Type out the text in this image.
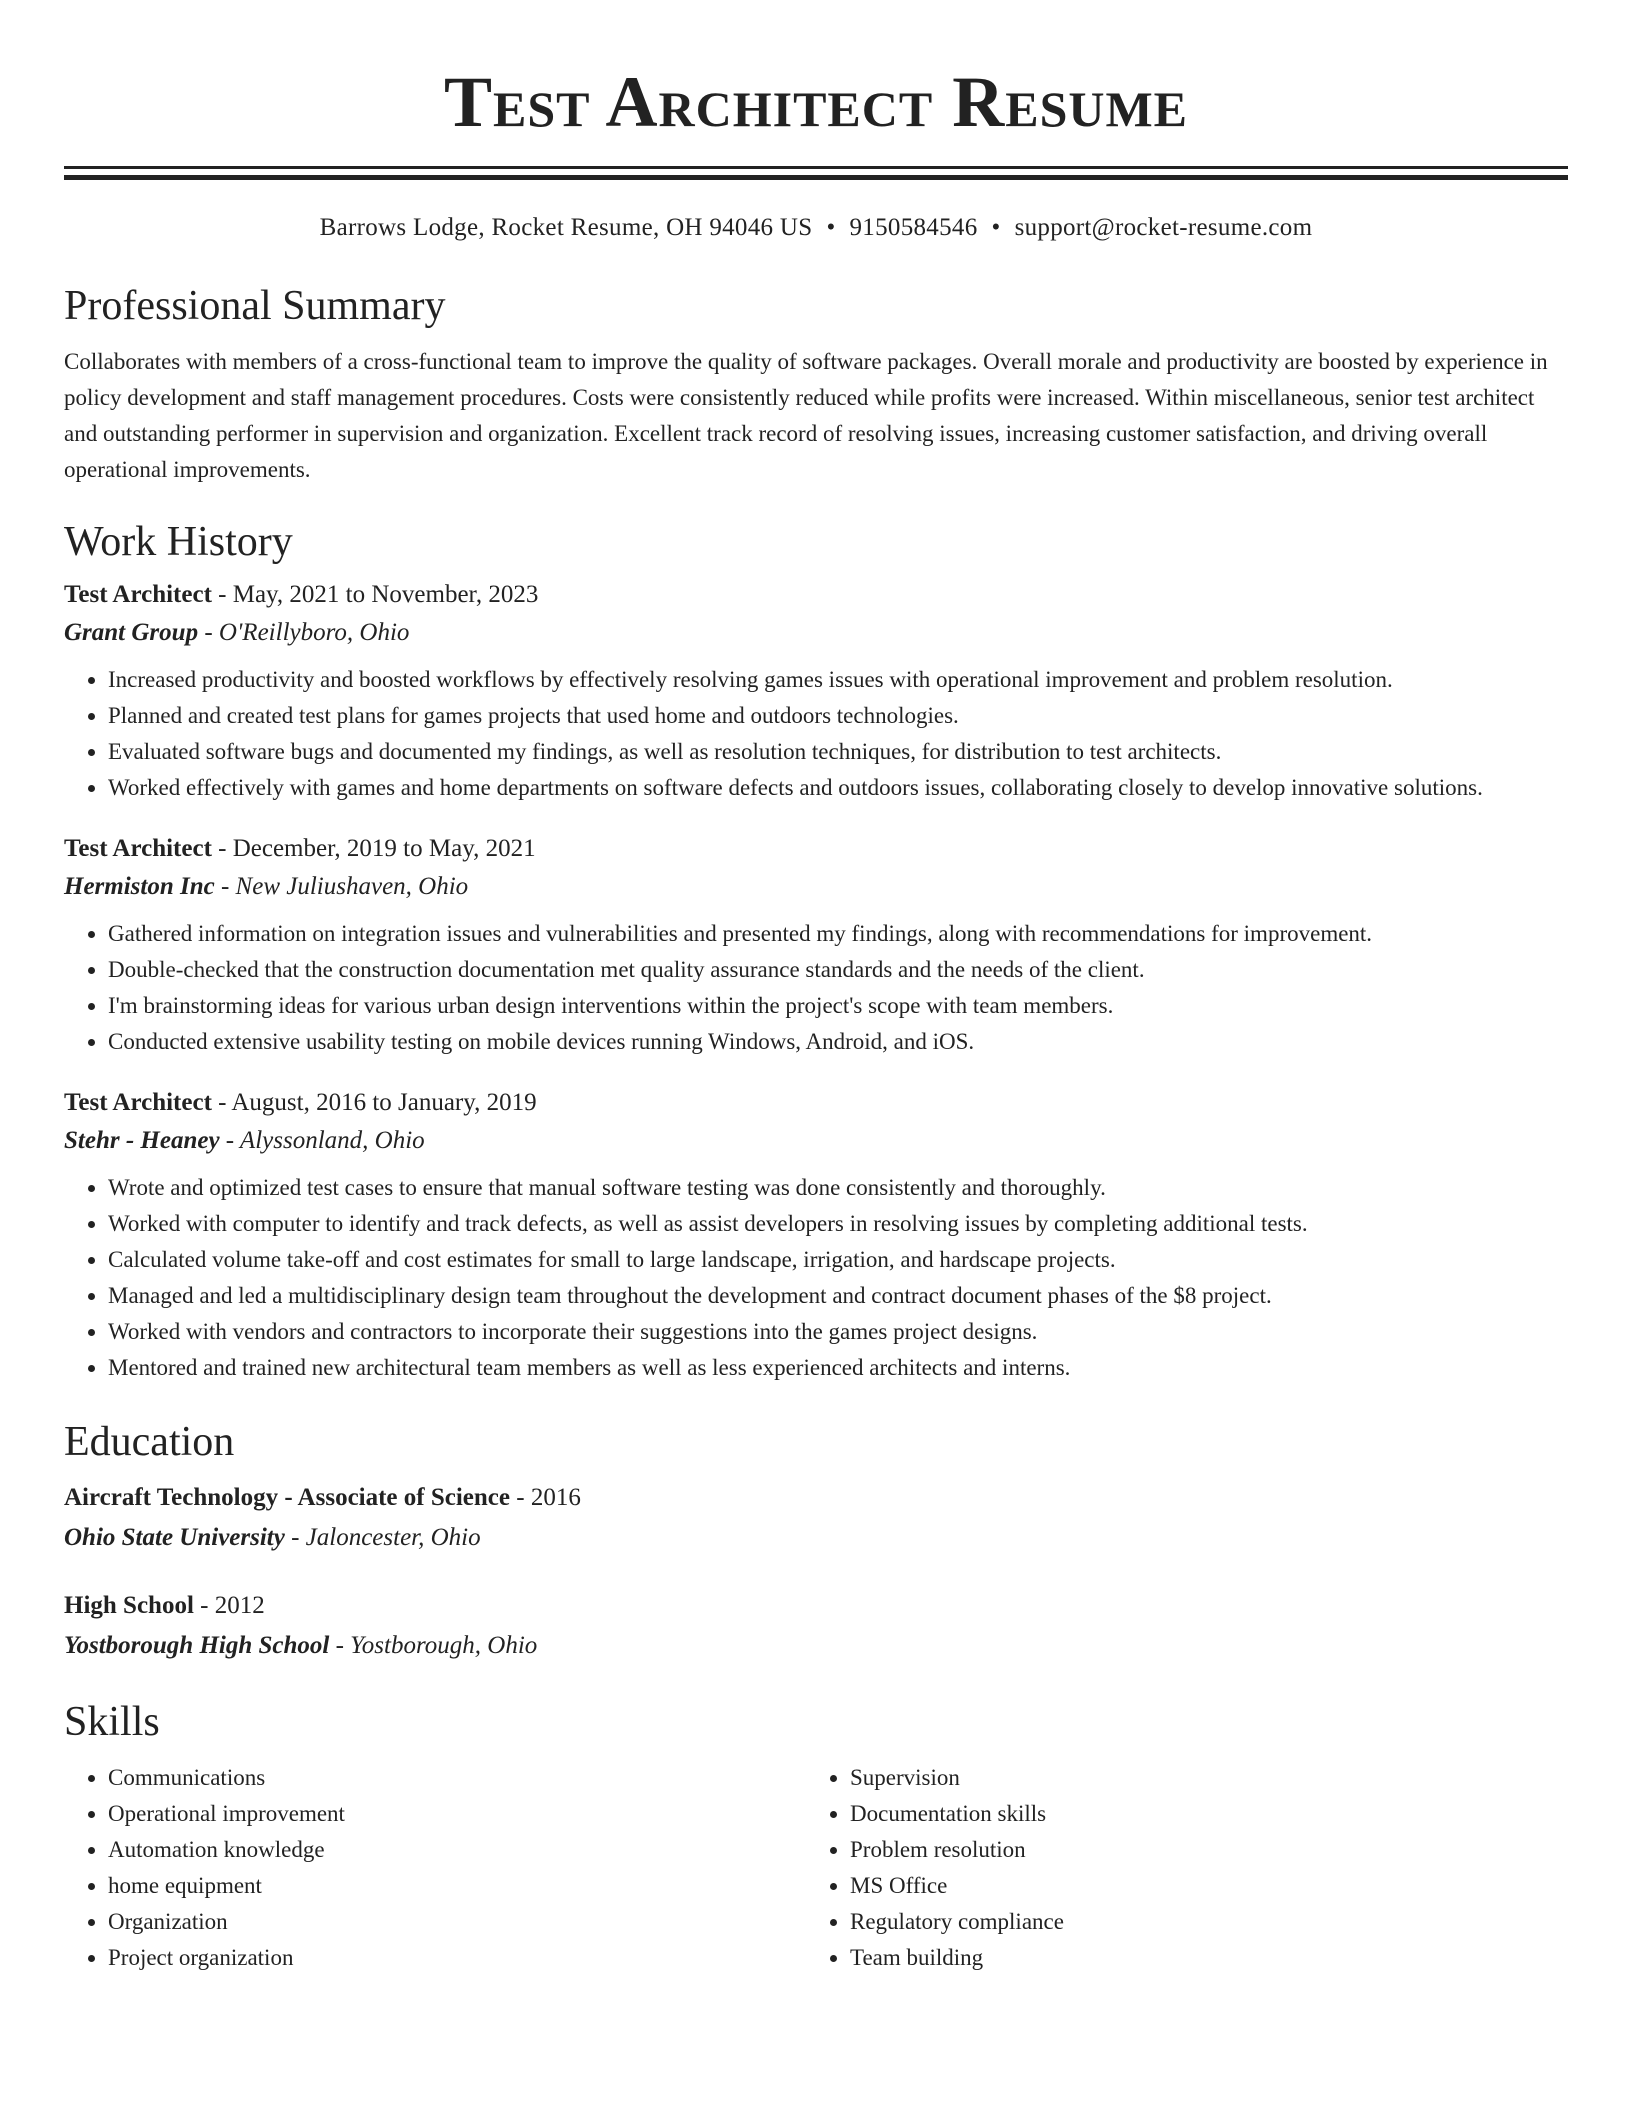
Test Architect Resume
Barrows Lodge, Rocket Resume, OH 94046 US • 9150584546 • support@rocket-resume.com
Professional Summary
Collaborates with members of a cross-functional team to improve the quality of software packages. Overall morale and productivity are boosted by experience in policy development and staff management procedures. Costs were consistently reduced while profits were increased. Within miscellaneous, senior test architect and outstanding performer in supervision and organization. Excellent track record of resolving issues, increasing customer satisfaction, and driving overall operational improvements.
Work History
Test Architect - May, 2021 to November, 2023
Grant Group - O'Reillyboro, Ohio
• Increased productivity and boosted workflows by effectively resolving games issues with operational improvement and problem resolution.
• Planned and created test plans for games projects that used home and outdoors technologies.
• Evaluated software bugs and documented my findings, as well as resolution techniques, for distribution to test architects.
• Worked effectively with games and home departments on software defects and outdoors issues, collaborating closely to develop innovative solutions.
Test Architect - December, 2019 to May, 2021
Hermiston Inc - New Juliushaven, Ohio
• Gathered information on integration issues and vulnerabilities and presented my findings, along with recommendations for improvement.
• Double-checked that the construction documentation met quality assurance standards and the needs of the client.
• I'm brainstorming ideas for various urban design interventions within the project's scope with team members.
• Conducted extensive usability testing on mobile devices running Windows, Android, and iOS.
Test Architect - August, 2016 to January, 2019
Stehr - Heaney - Alyssonland, Ohio
• Wrote and optimized test cases to ensure that manual software testing was done consistently and thoroughly.
• Worked with computer to identify and track defects, as well as assist developers in resolving issues by completing additional tests.
• Calculated volume take-off and cost estimates for small to large landscape, irrigation, and hardscape projects.
• Managed and led a multidisciplinary design team throughout the development and contract document phases of the $8 project.
• Worked with vendors and contractors to incorporate their suggestions into the games project designs.
• Mentored and trained new architectural team members as well as less experienced architects and interns.
Education
Aircraft Technology - Associate of Science - 2016
Ohio State University - Jaloncester, Ohio
High School - 2012
Yostborough High School - Yostborough, Ohio
Skills
• Communications
• Operational improvement
• Automation knowledge
• home equipment
• Organization
• Project organization
• Supervision
• Documentation skills
• Problem resolution
• MS Office
• Regulatory compliance
• Team building
